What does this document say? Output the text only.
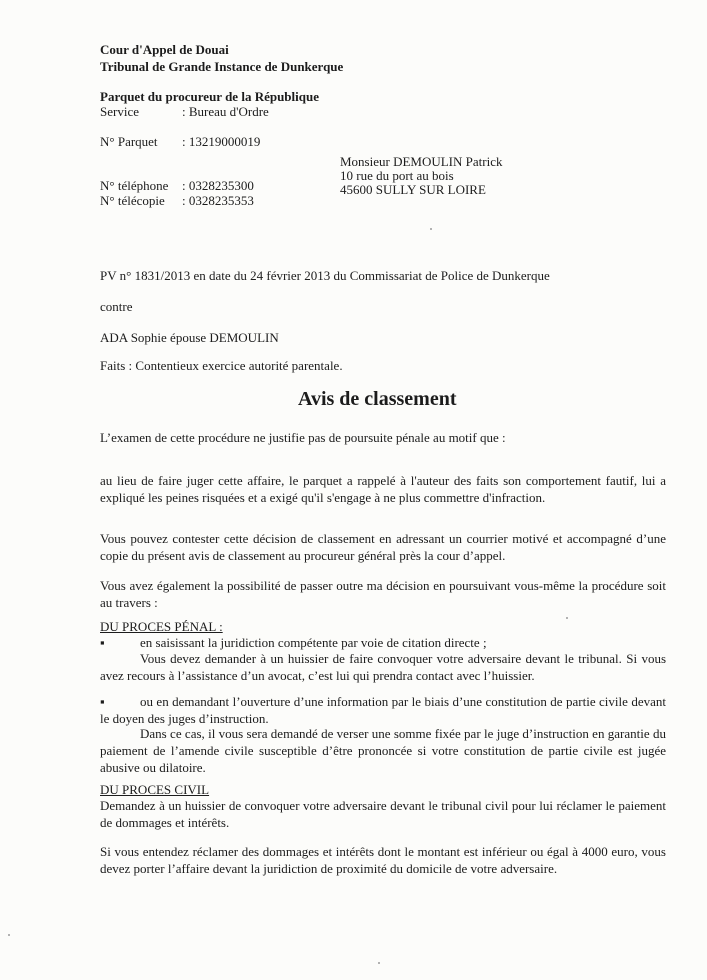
Cour d'Appel de Douai
Tribunal de Grande Instance de Dunkerque
Parquet du procureur de la République
Service	: Bureau d'Ordre
N° Parquet : 13219000019
N° téléphone : 0328235300
N° télécopie : 0328235353
Monsieur DEMOULIN Patrick
10 rue du port au bois
45600 SULLY SUR LOIRE
PV n° 1831/2013 en date du 24 février 2013 du Commissariat de Police de Dunkerque
contre
ADA Sophie épouse DEMOULIN
Faits : Contentieux exercice autorité parentale.
Avis de classement
L’examen de cette procédure ne justifie pas de poursuite pénale au motif que :
au lieu de faire juger cette affaire, le parquet a rappelé à l'auteur des faits son comportement fautif, lui a expliqué les peines risquées et a exigé qu'il s'engage à ne plus commettre d'infraction.
Vous pouvez contester cette décision de classement en adressant un courrier motivé et accompagné d’une copie du présent avis de classement au procureur général près la cour d’appel.
Vous avez également la possibilité de passer outre ma décision en poursuivant vous-même la procédure soit au travers :
DU PROCES PÉNAL :
▪	en saisissant la juridiction compétente par voie de citation directe ;
Vous devez demander à un huissier de faire convoquer votre adversaire devant le tribunal. Si vous avez recours à l’assistance d’un avocat, c’est lui qui prendra contact avec l’huissier.
▪	ou en demandant l’ouverture d’une information par le biais d’une constitution de partie civile devant le doyen des juges d’instruction.
Dans ce cas, il vous sera demandé de verser une somme fixée par le juge d’instruction en garantie du paiement de l’amende civile susceptible d’être prononcée si votre constitution de partie civile est jugée abusive ou dilatoire.
DU PROCES CIVIL
Demandez à un huissier de convoquer votre adversaire devant le tribunal civil pour lui réclamer le paiement de dommages et intérêts.
Si vous entendez réclamer des dommages et intérêts dont le montant est inférieur ou égal à 4000 euro, vous devez porter l’affaire devant la juridiction de proximité du domicile de votre adversaire.
